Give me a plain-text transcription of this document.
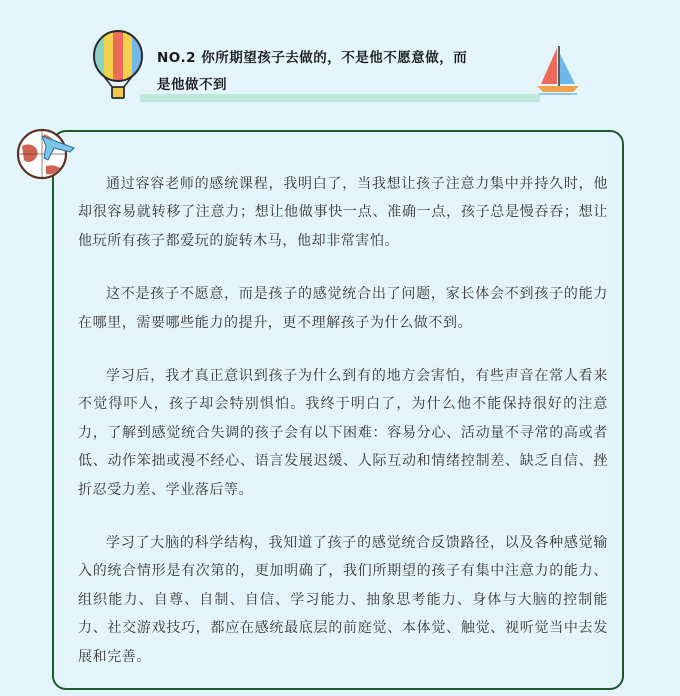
NO.2 你所期望孩子去做的，不是他不愿意做，而
是他做不到

通过容容老师的感统课程，我明白了，当我想让孩子注意力集中并持久时，他却很容易就转移了注意力；想让他做事快一点、准确一点，孩子总是慢吞吞；想让他玩所有孩子都爱玩的旋转木马，他却非常害怕。

这不是孩子不愿意，而是孩子的感觉统合出了问题，家长体会不到孩子的能力在哪里，需要哪些能力的提升，更不理解孩子为什么做不到。

学习后，我才真正意识到孩子为什么到有的地方会害怕，有些声音在常人看来不觉得吓人，孩子却会特别惧怕。我终于明白了，为什么他不能保持很好的注意力，了解到感觉统合失调的孩子会有以下困难：容易分心、活动量不寻常的高或者低、动作笨拙或漫不经心、语言发展迟缓、人际互动和情绪控制差、缺乏自信、挫折忍受力差、学业落后等。

学习了大脑的科学结构，我知道了孩子的感觉统合反馈路径，以及各种感觉输入的统合情形是有次第的，更加明确了，我们所期望的孩子有集中注意力的能力、组织能力、自尊、自制、自信、学习能力、抽象思考能力、身体与大脑的控制能力、社交游戏技巧，都应在感统最底层的前庭觉、本体觉、触觉、视听觉当中去发展和完善。
